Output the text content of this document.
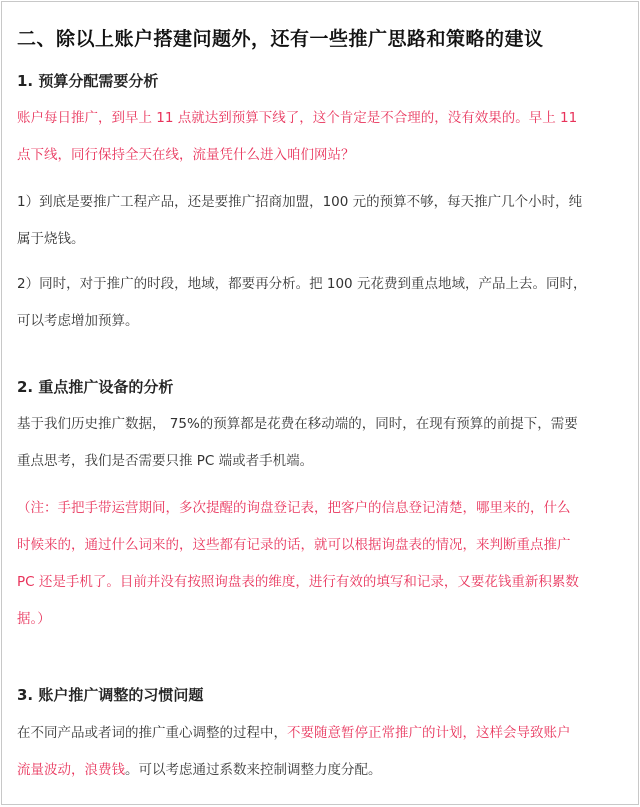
二、除以上账户搭建问题外，还有一些推广思路和策略的建议
1. 预算分配需要分析
账户每日推广，到早上 11 点就达到预算下线了，这个肯定是不合理的，没有效果的。早上 11
点下线，同行保持全天在线，流量凭什么进入咱们网站？
1）到底是要推广工程产品，还是要推广招商加盟，100 元的预算不够，每天推广几个小时，纯
属于烧钱。
2）同时，对于推广的时段，地域，都要再分析。把 100 元花费到重点地域，产品上去。同时，
可以考虑增加预算。
2. 重点推广设备的分析
基于我们历史推广数据， 75%的预算都是花费在移动端的，同时，在现有预算的前提下，需要
重点思考，我们是否需要只推 PC 端或者手机端。
（注：手把手带运营期间，多次提醒的询盘登记表，把客户的信息登记清楚，哪里来的，什么
时候来的，通过什么词来的，这些都有记录的话，就可以根据询盘表的情况，来判断重点推广
PC 还是手机了。目前并没有按照询盘表的维度，进行有效的填写和记录，又要花钱重新积累数
据。）
3. 账户推广调整的习惯问题
在不同产品或者词的推广重心调整的过程中，不要随意暂停正常推广的计划，这样会导致账户
流量波动，浪费钱。可以考虑通过系数来控制调整力度分配。
